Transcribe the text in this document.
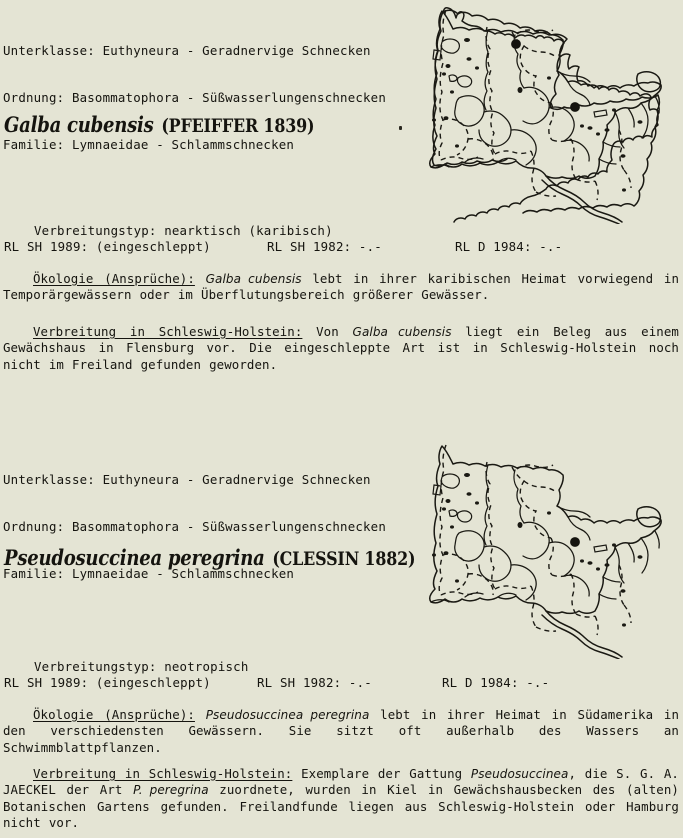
Unterklasse: Euthyneura - Geradnervige Schnecken

Ordnung: Basommatophora - Süßwasserlungenschnecken

Familie: Lymnaeidae - Schlammschnecken

Galba cubensis (PFEIFFER 1839)
Verbreitungstyp: nearktisch (karibisch)
RL SH 1989: (eingeschleppt)	RL SH 1982: -.-	RL D 1984: -.-
Ökologie (Ansprüche): Galba cubensis lebt in ihrer karibischen Heimat vorwiegend in Temporärgewässern oder im Überflutungsbereich größerer Gewässer.
Verbreitung in Schleswig-Holstein: Von Galba cubensis liegt ein Beleg aus einem Gewächshaus in Flensburg vor. Die eingeschleppte Art ist in Schleswig-Holstein noch nicht im Freiland gefunden geworden.

Unterklasse: Euthyneura - Geradnervige Schnecken

Ordnung: Basommatophora - Süßwasserlungenschnecken

Familie: Lymnaeidae - Schlammschnecken

Pseudosuccinea peregrina (CLESSIN 1882)
Verbreitungstyp: neotropisch
RL SH 1989: (eingeschleppt)	RL SH 1982: -.-	RL D 1984: -.-
Ökologie (Ansprüche): Pseudosuccinea peregrina lebt in ihrer Heimat in Südamerika in den verschiedensten Gewässern. Sie sitzt oft außerhalb des Wassers an Schwimmblattpflanzen.
Verbreitung in Schleswig-Holstein: Exemplare der Gattung Pseudosuccinea, die S. G. A. JAECKEL der Art P. peregrina zuordnete, wurden in Kiel in Gewächshausbecken des (alten) Botanischen Gartens gefunden. Freilandfunde liegen aus Schleswig-Holstein oder Hamburg nicht vor.
